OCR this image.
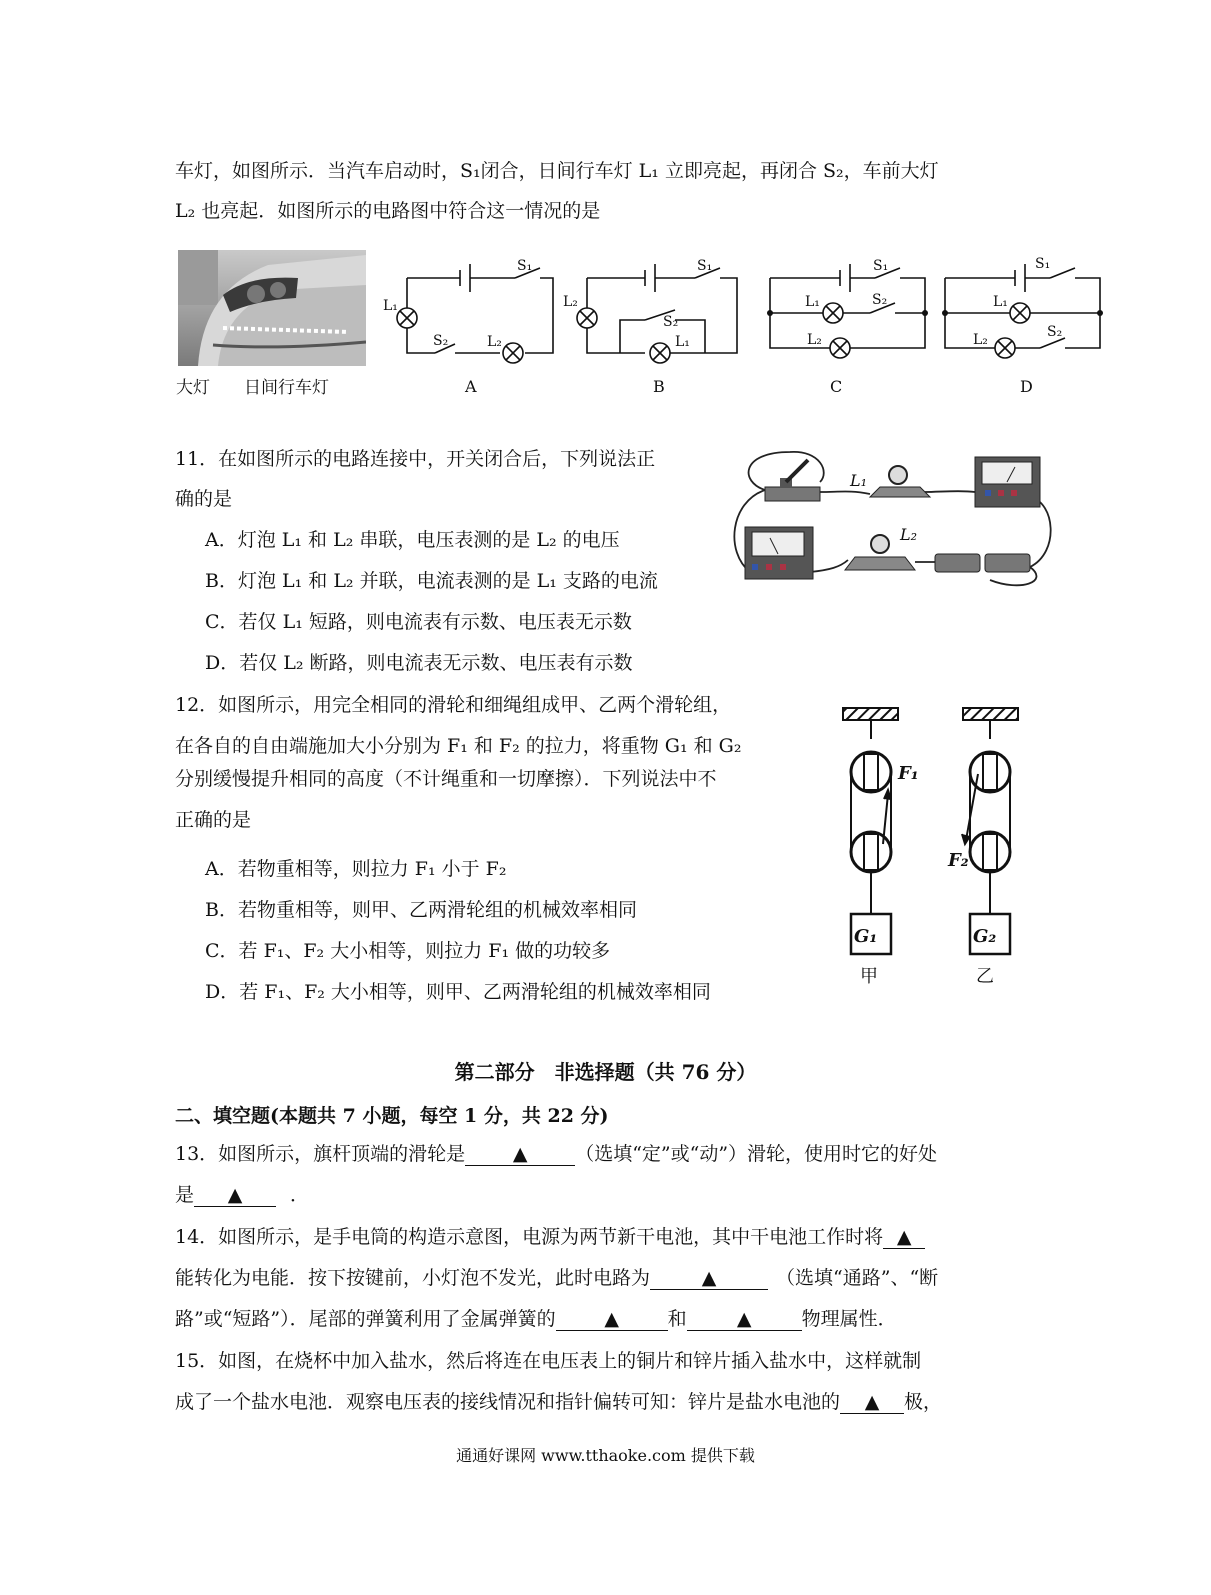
车灯，如图所示．当汽车启动时，S₁闭合，日间行车灯 L₁ 立即亮起，再闭合 S₂，车前大灯
L₂ 也亮起．如图所示的电路图中符合这一情况的是
大灯 日间行车灯
S₁
L₁
S₂	L₂
S₁
L₂
S₂
L₁
S₁
L₁	S₂
L₂
S₁
L₁
S₂
L₂
A	B	C	D
11．在如图所示的电路连接中，开关闭合后，下列说法正
确的是
A．灯泡 L₁ 和 L₂ 串联，电压表测的是 L₂ 的电压
B．灯泡 L₁ 和 L₂ 并联，电流表测的是 L₁ 支路的电流
C．若仅 L₁ 短路，则电流表有示数、电压表无示数
D．若仅 L₂ 断路，则电流表无示数、电压表有示数
L₁
L₂
12．如图所示，用完全相同的滑轮和细绳组成甲、乙两个滑轮组，
在各自的自由端施加大小分别为 F₁ 和 F₂ 的拉力，将重物 G₁ 和 G₂
分别缓慢提升相同的高度（不计绳重和一切摩擦）．下列说法中不
正确的是
A．若物重相等，则拉力 F₁ 小于 F₂
B．若物重相等，则甲、乙两滑轮组的机械效率相同
C．若 F₁、F₂ 大小相等，则拉力 F₁ 做的功较多
D．若 F₁、F₂ 大小相等，则甲、乙两滑轮组的机械效率相同
F₁
F₂
G₁	G₂
甲	乙
第二部分　非选择题（共 76 分）
二、填空题(本题共 7 小题，每空 1 分，共 22 分)
13．如图所示，旗杆顶端的滑轮是	▲	（选填“定”或“动”）滑轮，使用时它的好处
是 ▲	．
14．如图所示，是手电筒的构造示意图，电源为两节新干电池，其中干电池工作时将 ▲
能转化为电能．按下按键前，小灯泡不发光，此时电路为	▲	（选填“通路”、“断
路”或“短路”）．尾部的弹簧利用了金属弹簧的	▲	和	▲	物理属性．
15．如图，在烧杯中加入盐水，然后将连在电压表上的铜片和锌片插入盐水中，这样就制
成了一个盐水电池．观察电压表的接线情况和指针偏转可知：锌片是盐水电池的 ▲ 极，
通通好课网 www.tthaoke.com 提供下载
